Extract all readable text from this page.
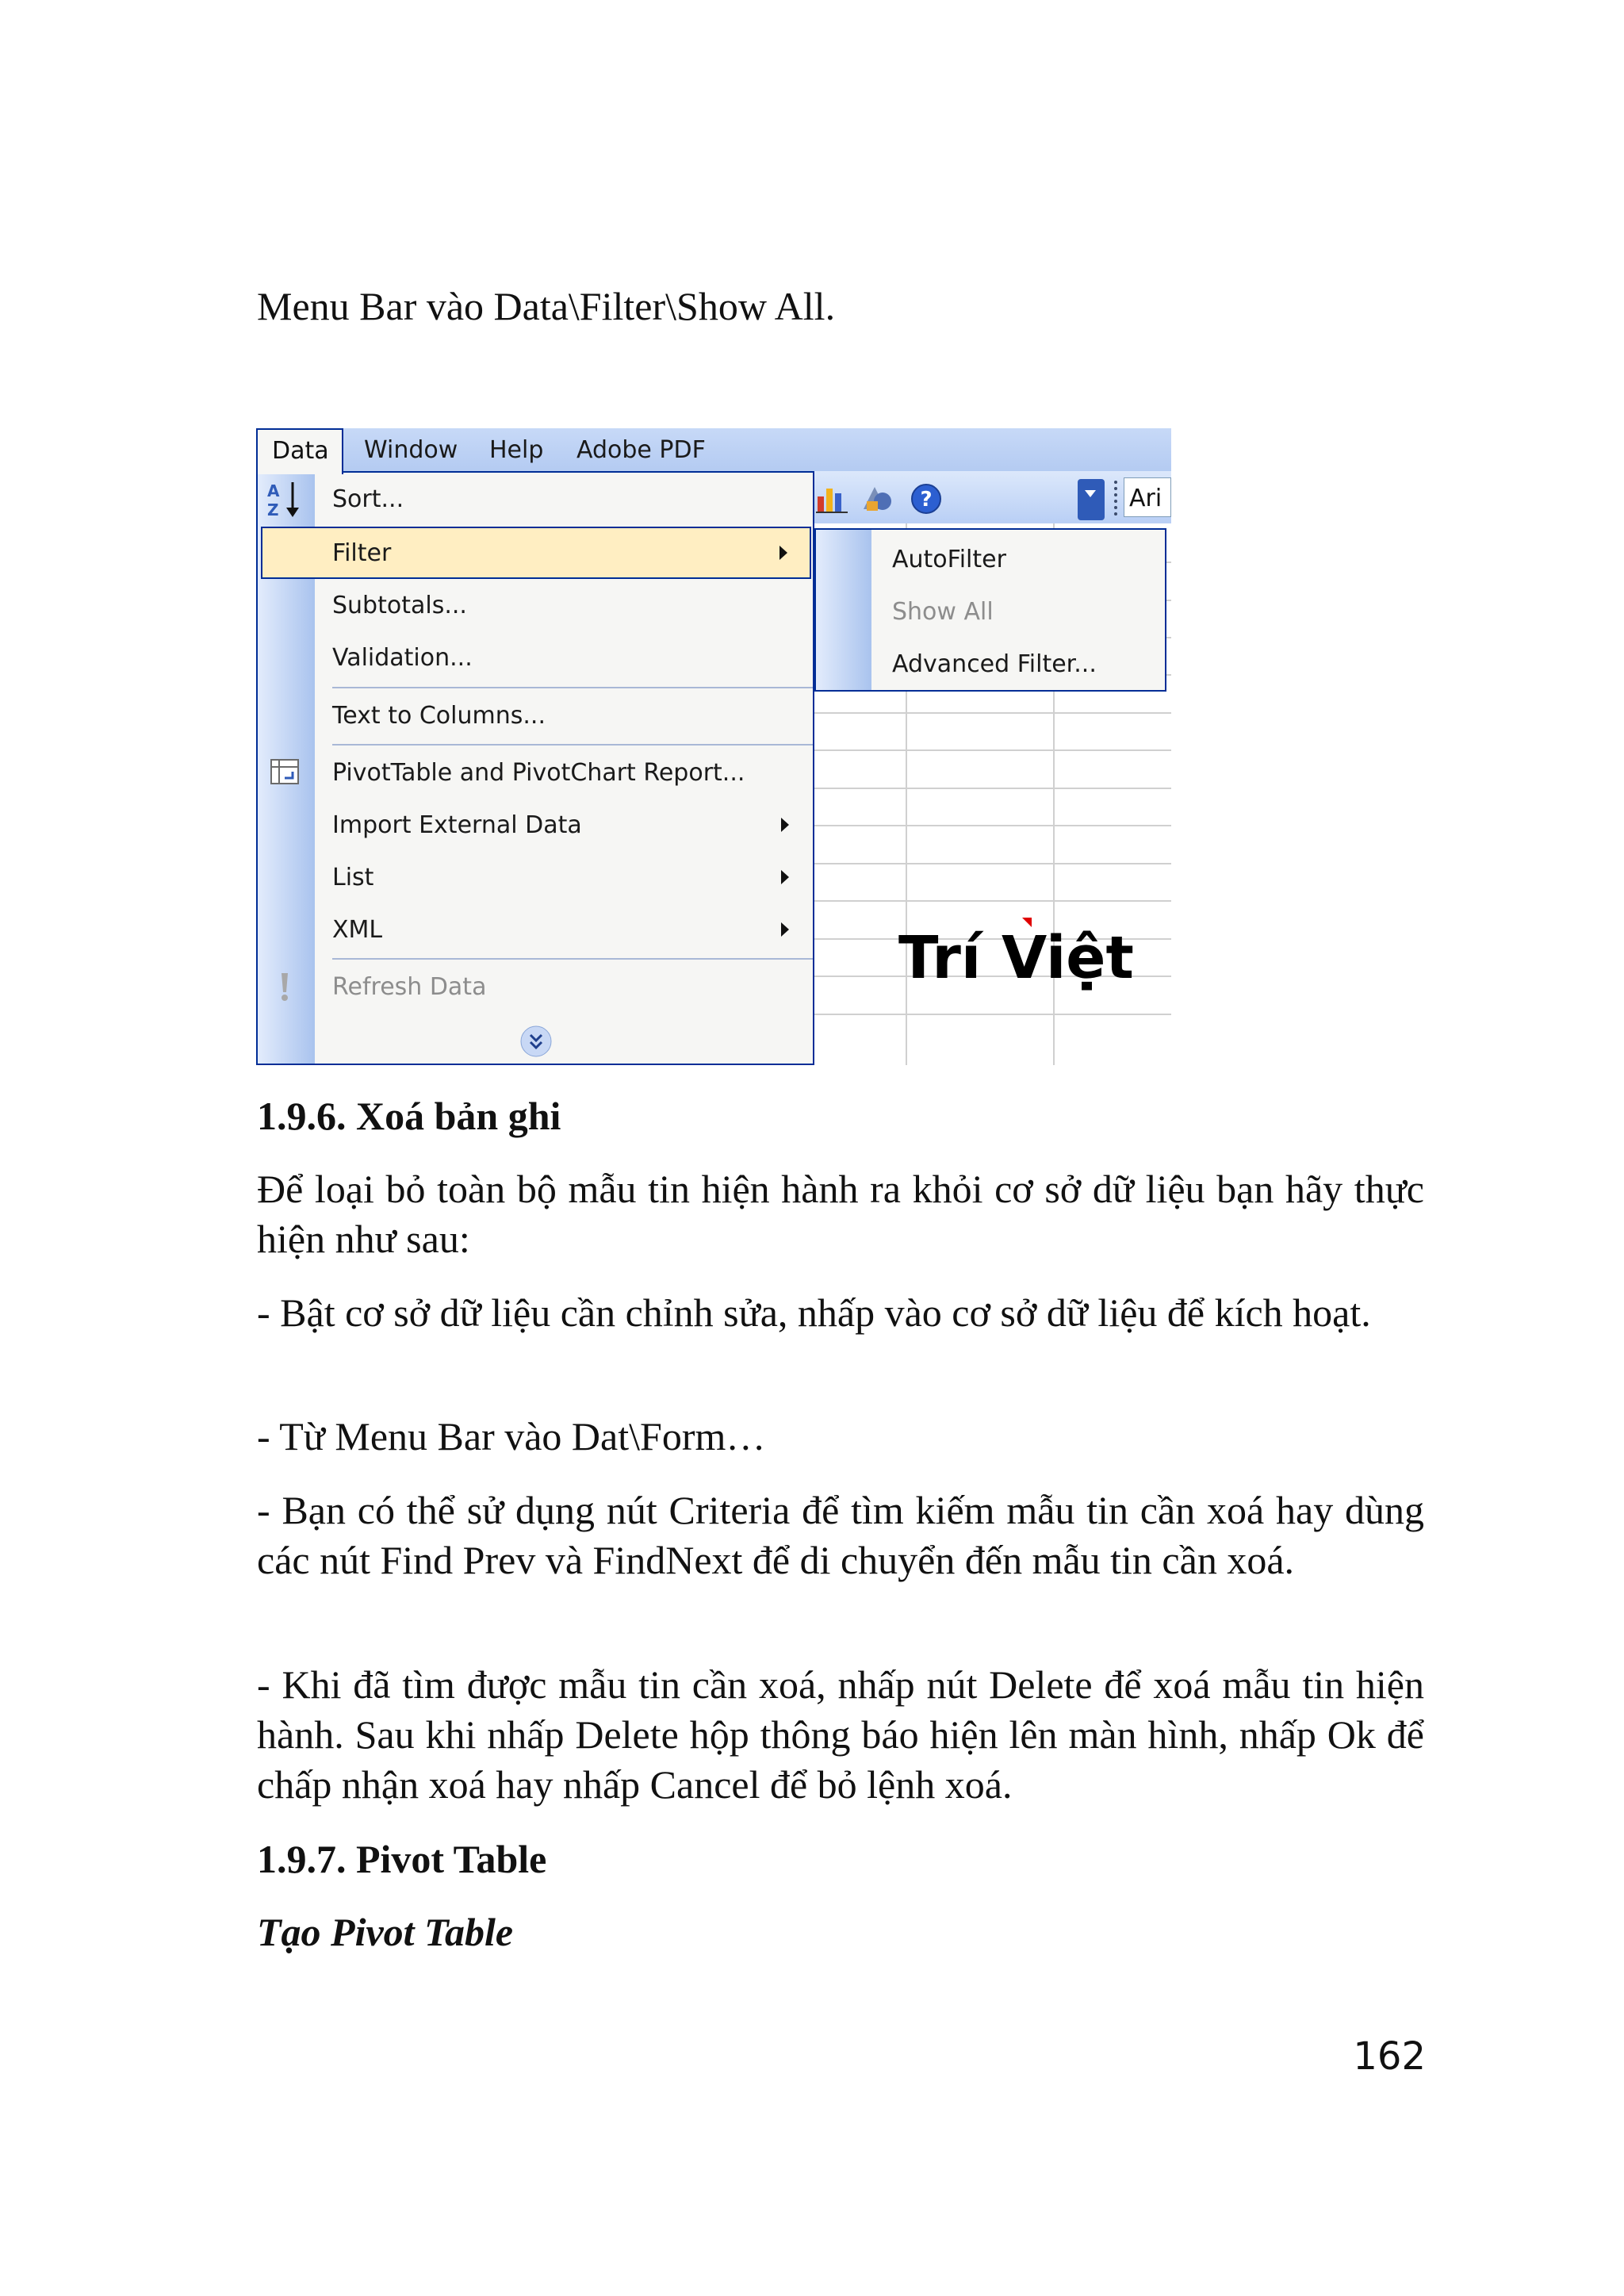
Menu Bar vào Data\Filter\Show All.

Window Help Adobe PDF
Data
?	Ari
Trí Việt
AutoFilter
Show All
Advanced Filter...
A
Z Sort...
Filter
Subtotals...
Validation...
Text to Columns...
PivotTable and PivotChart Report...
Import External Data
List
XML
Refresh Data

1.9.6. Xoá bản ghi

Để loại bỏ toàn bộ mẫu tin hiện hành ra khỏi cơ sở dữ liệu bạn hãy thực hiện như sau:

- Bật cơ sở dữ liệu cần chỉnh sửa, nhấp vào cơ sở dữ liệu để kích hoạt.

- Từ Menu Bar vào Dat\Form…

- Bạn có thể sử dụng nút Criteria để tìm kiếm mẫu tin cần xoá hay dùng các nút Find Prev và FindNext để di chuyển đến mẫu tin cần xoá.

- Khi đã tìm được mẫu tin cần xoá, nhấp nút Delete để xoá mẫu tin hiện hành. Sau khi nhấp Delete hộp thông báo hiện lên màn hình, nhấp Ok để chấp nhận xoá hay nhấp Cancel để bỏ lệnh xoá.

1.9.7. Pivot Table

Tạo Pivot Table

162
